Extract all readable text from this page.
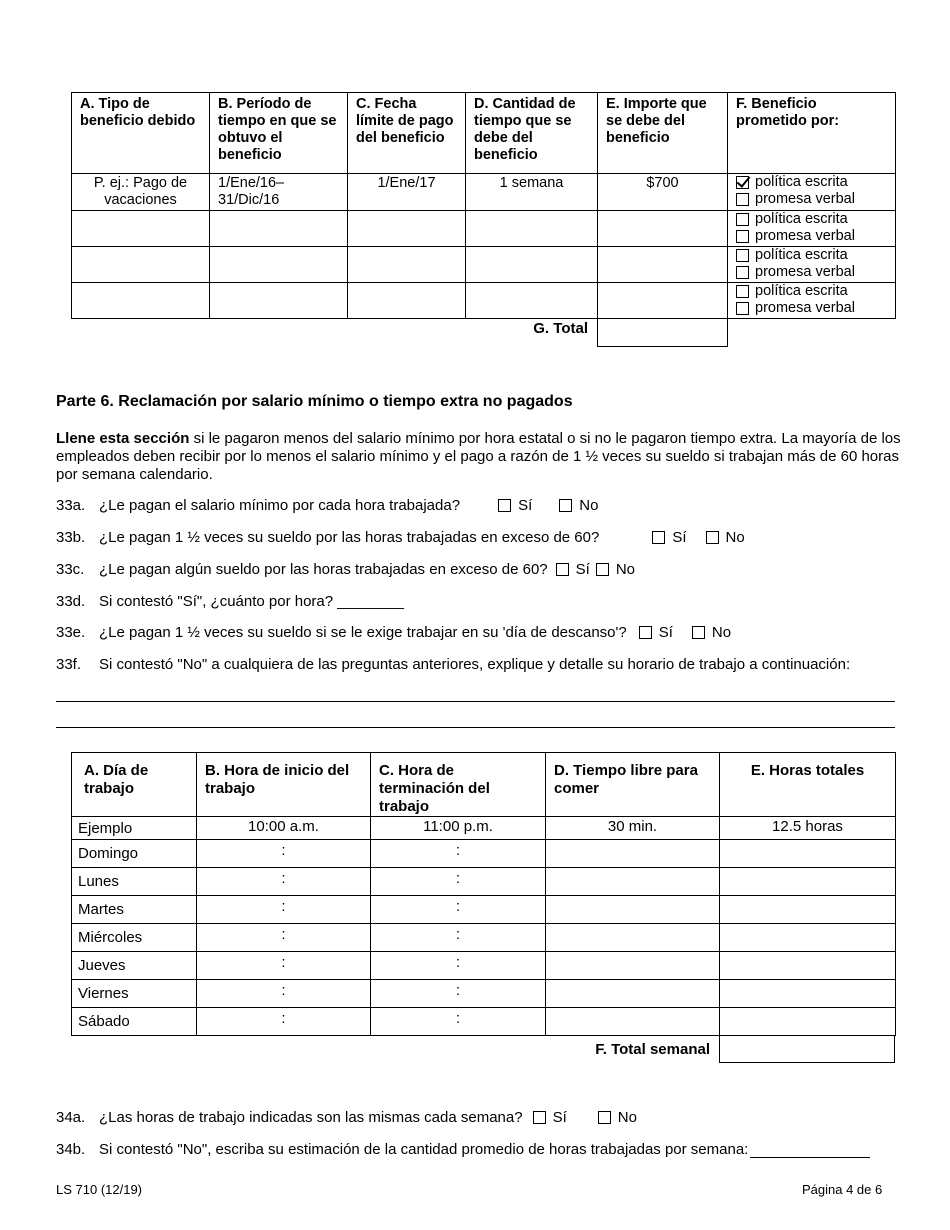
A. Tipo de beneficio debido	B. Período de tiempo en que se obtuvo el beneficio	C. Fecha límite de pago del beneficio	D. Cantidad de tiempo que se debe del beneficio	E. Importe que se debe del beneficio	F. Beneficio prometido por:
P. ej.: Pago de vacaciones	1/Ene/16– 31/Dic/16	1/Ene/17	1 semana	$700	política escrita
promesa verbal

					política escrita
promesa verbal

					política escrita
promesa verbal

					política escrita
promesa verbal
G. Total
Parte 6. Reclamación por salario mínimo o tiempo extra no pagados
Llene esta sección si le pagaron menos del salario mínimo por hora estatal o si no le pagaron tiempo extra. La mayoría de los empleados deben recibir por lo menos el salario mínimo y el pago a razón de 1 ½ veces su sueldo si trabajan más de 60 horas por semana calendario.
33a. ¿Le pagan el salario mínimo por cada hora trabajada?	Sí	No
33b. ¿Le pagan 1 ½ veces su sueldo por las horas trabajadas en exceso de 60?	Sí	No
33c. ¿Le pagan algún sueldo por las horas trabajadas en exceso de 60? Sí No
33d. Si contestó "Sí", ¿cuánto por hora? ________
33e. ¿Le pagan 1 ½ veces su sueldo si se le exige trabajar en su 'día de descanso'? Sí	No
33f.	Si contestó "No" a cualquiera de las preguntas anteriores, explique y detalle su horario de trabajo a continuación:
A. Día de trabajo	B. Hora de inicio del trabajo	C. Hora de terminación del trabajo	D. Tiempo libre para comer	E. Horas totales
Ejemplo	10:00 a.m.	11:00 p.m.	30 min.	12.5 horas
Domingo	:	:		
Lunes	:	:		
Martes	:	:		
Miércoles	:	:		
Jueves	:	:		
Viernes	:	:		
Sábado	:	:		
F. Total semanal
34a. ¿Las horas de trabajo indicadas son las mismas cada semana? Sí	No
34b. Si contestó "No", escriba su estimación de la cantidad promedio de horas trabajadas por semana:
LS 710 (12/19)	Página 4 de 6
